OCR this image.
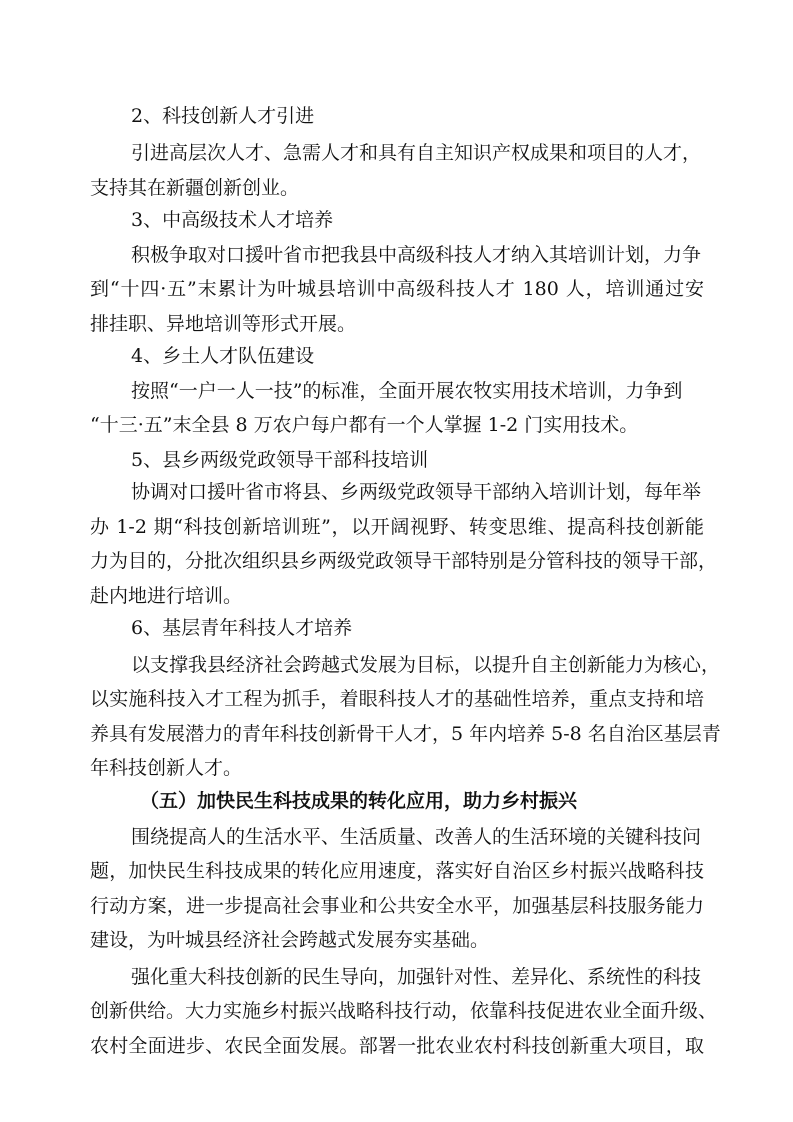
2、科技创新人才引进

引进高层次人才、急需人才和具有自主知识产权成果和项目的人才，

支持其在新疆创新创业。

3、中高级技术人才培养

积极争取对口援叶省市把我县中高级科技人才纳入其培训计划，力争

到“十四·五”末累计为叶城县培训中高级科技人才 180 人，培训通过安

排挂职、异地培训等形式开展。

4、乡土人才队伍建设

按照“一户一人一技”的标准，全面开展农牧实用技术培训，力争到

“十三·五”末全县 8 万农户每户都有一个人掌握 1-2 门实用技术。

5、县乡两级党政领导干部科技培训

协调对口援叶省市将县、乡两级党政领导干部纳入培训计划，每年举

办 1-2 期“科技创新培训班”，以开阔视野、转变思维、提高科技创新能

力为目的，分批次组织县乡两级党政领导干部特别是分管科技的领导干部，

赴内地进行培训。

6、基层青年科技人才培养

以支撑我县经济社会跨越式发展为目标，以提升自主创新能力为核心，

以实施科技入才工程为抓手，着眼科技人才的基础性培养，重点支持和培

养具有发展潜力的青年科技创新骨干人才，5 年内培养 5-8 名自治区基层青

年科技创新人才。

（五）加快民生科技成果的转化应用，助力乡村振兴

围绕提高人的生活水平、生活质量、改善人的生活环境的关键科技问

题，加快民生科技成果的转化应用速度，落实好自治区乡村振兴战略科技

行动方案，进一步提高社会事业和公共安全水平，加强基层科技服务能力

建设，为叶城县经济社会跨越式发展夯实基础。

强化重大科技创新的民生导向，加强针对性、差异化、系统性的科技

创新供给。大力实施乡村振兴战略科技行动，依靠科技促进农业全面升级、

农村全面进步、农民全面发展。部署一批农业农村科技创新重大项目，取
